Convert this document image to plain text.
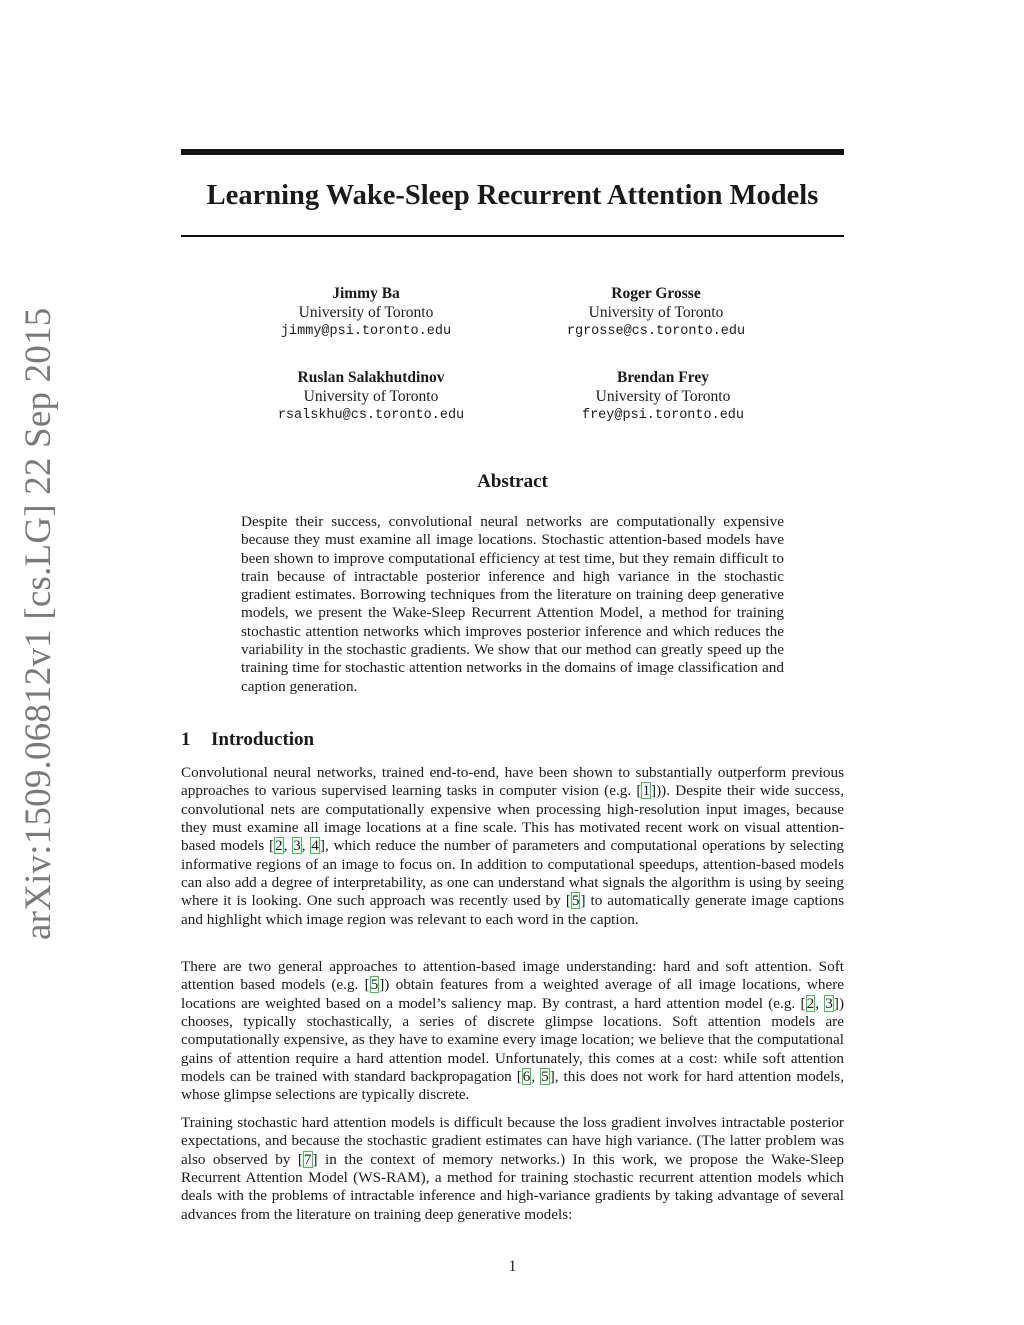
arXiv:1509.06812v1 [cs.LG] 22 Sep 2015
Learning Wake-Sleep Recurrent Attention Models
Jimmy Ba
University of Toronto
jimmy@psi.toronto.edu
Roger Grosse
University of Toronto
rgrosse@cs.toronto.edu
Ruslan Salakhutdinov
University of Toronto
rsalskhu@cs.toronto.edu
Brendan Frey
University of Toronto
frey@psi.toronto.edu
Abstract
Despite their success, convolutional neural networks are computationally expensive because they must examine all image locations. Stochastic attention-based models have been shown to improve computational efficiency at test time, but they remain difficult to train because of intractable posterior inference and high variance in the stochastic gradient estimates. Borrowing techniques from the literature on training deep generative models, we present the Wake-Sleep Recurrent Attention Model, a method for training stochastic attention networks which improves posterior inference and which reduces the variability in the stochastic gradients. We show that our method can greatly speed up the training time for stochastic attention networks in the domains of image classification and caption generation.
1 Introduction

Convolutional neural networks, trained end-to-end, have been shown to substantially outperform previous approaches to various supervised learning tasks in computer vision (e.g. [1])). Despite their wide success, convolutional nets are computationally expensive when processing high-resolution input images, because they must examine all image locations at a fine scale. This has motivated recent work on visual attention-based models [2, 3, 4], which reduce the number of parameters and computational operations by selecting informative regions of an image to focus on. In addition to computational speedups, attention-based models can also add a degree of interpretability, as one can understand what signals the algorithm is using by seeing where it is looking. One such approach was recently used by [5] to automatically generate image captions and highlight which image region was relevant to each word in the caption.

There are two general approaches to attention-based image understanding: hard and soft attention. Soft attention based models (e.g. [5]) obtain features from a weighted average of all image locations, where locations are weighted based on a model’s saliency map. By contrast, a hard attention model (e.g. [2, 3]) chooses, typically stochastically, a series of discrete glimpse locations. Soft attention models are computationally expensive, as they have to examine every image location; we believe that the computational gains of attention require a hard attention model. Unfortunately, this comes at a cost: while soft attention models can be trained with standard backpropagation [6, 5], this does not work for hard attention models, whose glimpse selections are typically discrete.

Training stochastic hard attention models is difficult because the loss gradient involves intractable posterior expectations, and because the stochastic gradient estimates can have high variance. (The latter problem was also observed by [7] in the context of memory networks.) In this work, we propose the Wake-Sleep Recurrent Attention Model (WS-RAM), a method for training stochastic recurrent attention models which deals with the problems of intractable inference and high-variance gradients by taking advantage of several advances from the literature on training deep generative models:

1
